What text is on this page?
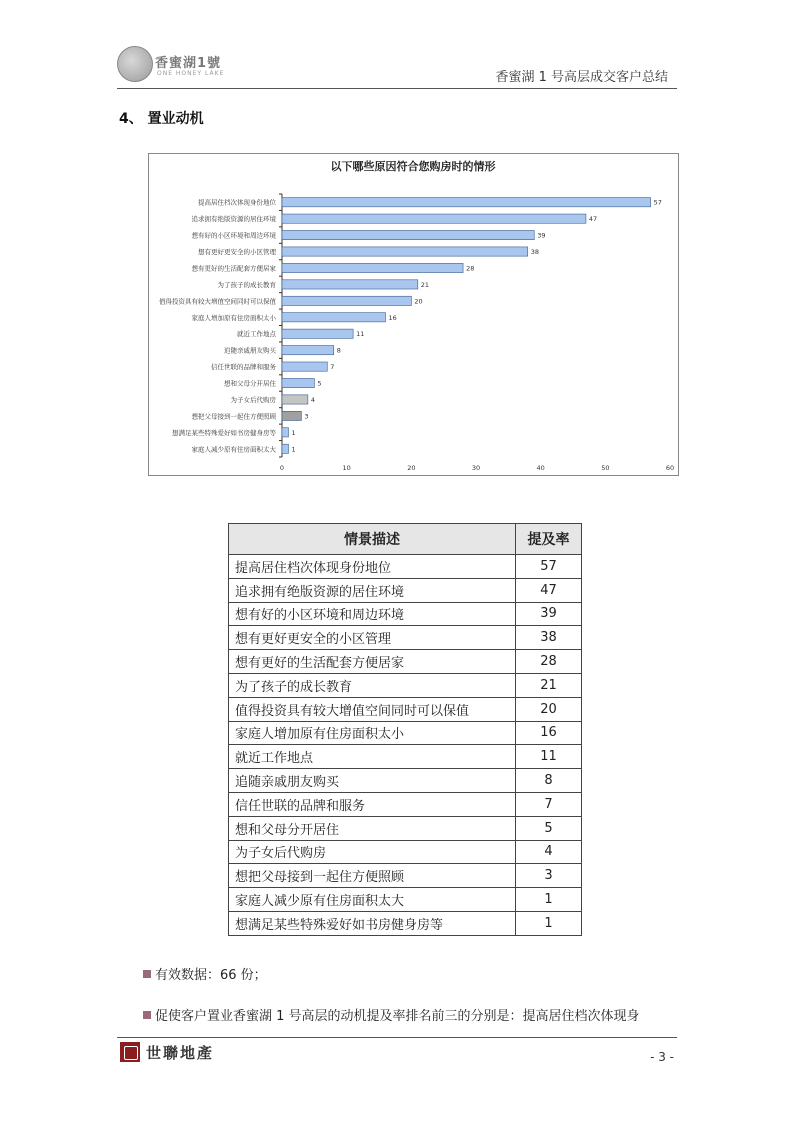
香蜜湖1號
ONE HONEY LAKE	香蜜湖 1 号高层成交客户总结
4、 置业动机
以下哪些原因符合您购房时的情形
提高居住档次体现身份地位	57
追求拥有绝版资源的居住环境	47
想有好的小区环境和周边环境	39
想有更好更安全的小区管理	38
想有更好的生活配套方便居家	28
为了孩子的成长教育	21
值得投资具有较大增值空间同时可以保值	20
家庭人增加原有住房面积太小	16
就近工作地点	11
追随亲戚朋友购买	8
信任世联的品牌和服务	7
想和父母分开居住	5
为子女后代购房	4
想把父母接到一起住方便照顾	3
想满足某些特殊爱好如书房健身房等 1
家庭人减少原有住房面积太大 1
0	10	20	30	40	50	60
情景描述	提及率
提高居住档次体现身份地位	57
追求拥有绝版资源的居住环境	47
想有好的小区环境和周边环境	39
想有更好更安全的小区管理	38
想有更好的生活配套方便居家	28
为了孩子的成长教育	21
值得投资具有较大增值空间同时可以保值	20
家庭人增加原有住房面积太小	16
就近工作地点	11
追随亲戚朋友购买	8
信任世联的品牌和服务	7
想和父母分开居住	5
为子女后代购房	4
想把父母接到一起住方便照顾	3
家庭人减少原有住房面积太大	1
想满足某些特殊爱好如书房健身房等	1
有效数据：66 份；
促使客户置业香蜜湖 1 号高层的动机提及率排名前三的分别是：提高居住档次体现身
世聯地產	- 3 -
